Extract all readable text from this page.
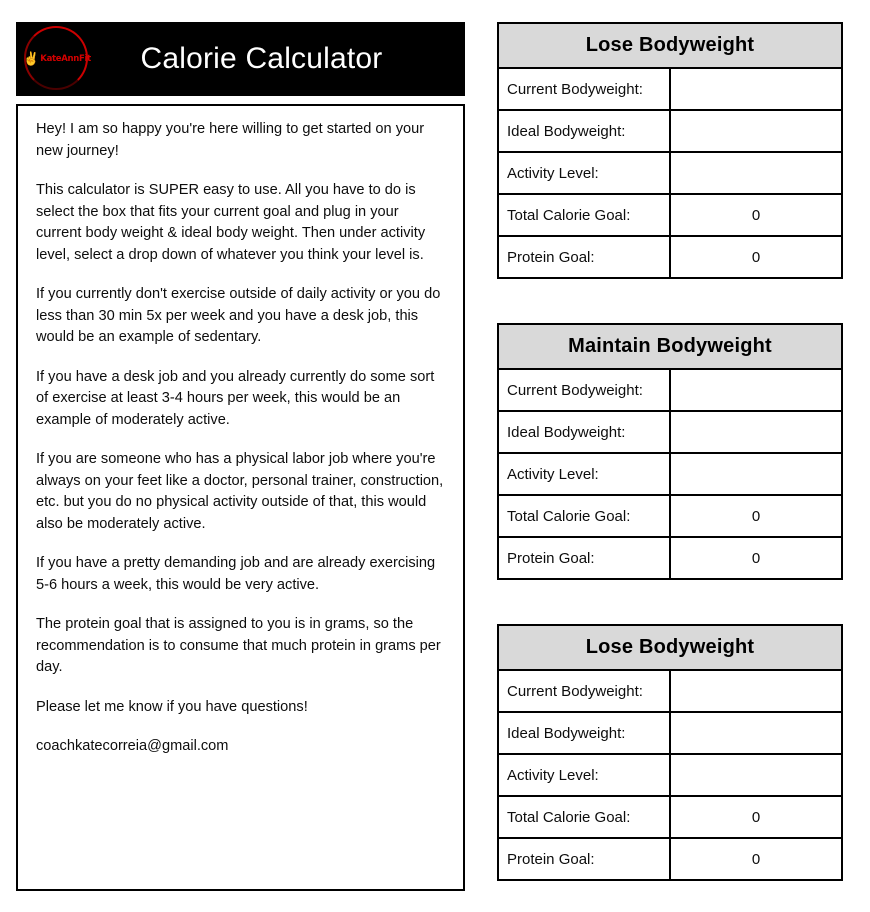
✌ KateAnnFit	Calorie Calculator

Hey! I am so happy you're here willing to get started on your new journey!

This calculator is SUPER easy to use. All you have to do is select the box that fits your current goal and plug in your current body weight & ideal body weight. Then under activity level, select a drop down of whatever you think your level is.

If you currently don't exercise outside of daily activity or you do less than 30 min 5x per week and you have a desk job, this would be an example of sedentary.

If you have a desk job and you already currently do some sort of exercise at least 3-4 hours per week, this would be an example of moderately active.

If you are someone who has a physical labor job where you're always on your feet like a doctor, personal trainer, construction, etc. but you do no physical activity outside of that, this would also be moderately active.

If you have a pretty demanding job and are already exercising 5-6 hours a week, this would be very active.

The protein goal that is assigned to you is in grams, so the recommendation is to consume that much protein in grams per day.

Please let me know if you have questions!

coachkatecorreia@gmail.com

Lose Bodyweight	
Current Bodyweight:	
Ideal Bodyweight:	
Activity Level:	
Total Calorie Goal:	0
Protein Goal:	0
Maintain Bodyweight	
Current Bodyweight:	
Ideal Bodyweight:	
Activity Level:	
Total Calorie Goal:	0
Protein Goal:	0
Lose Bodyweight	
Current Bodyweight:	
Ideal Bodyweight:	
Activity Level:	
Total Calorie Goal:	0
Protein Goal:	0
